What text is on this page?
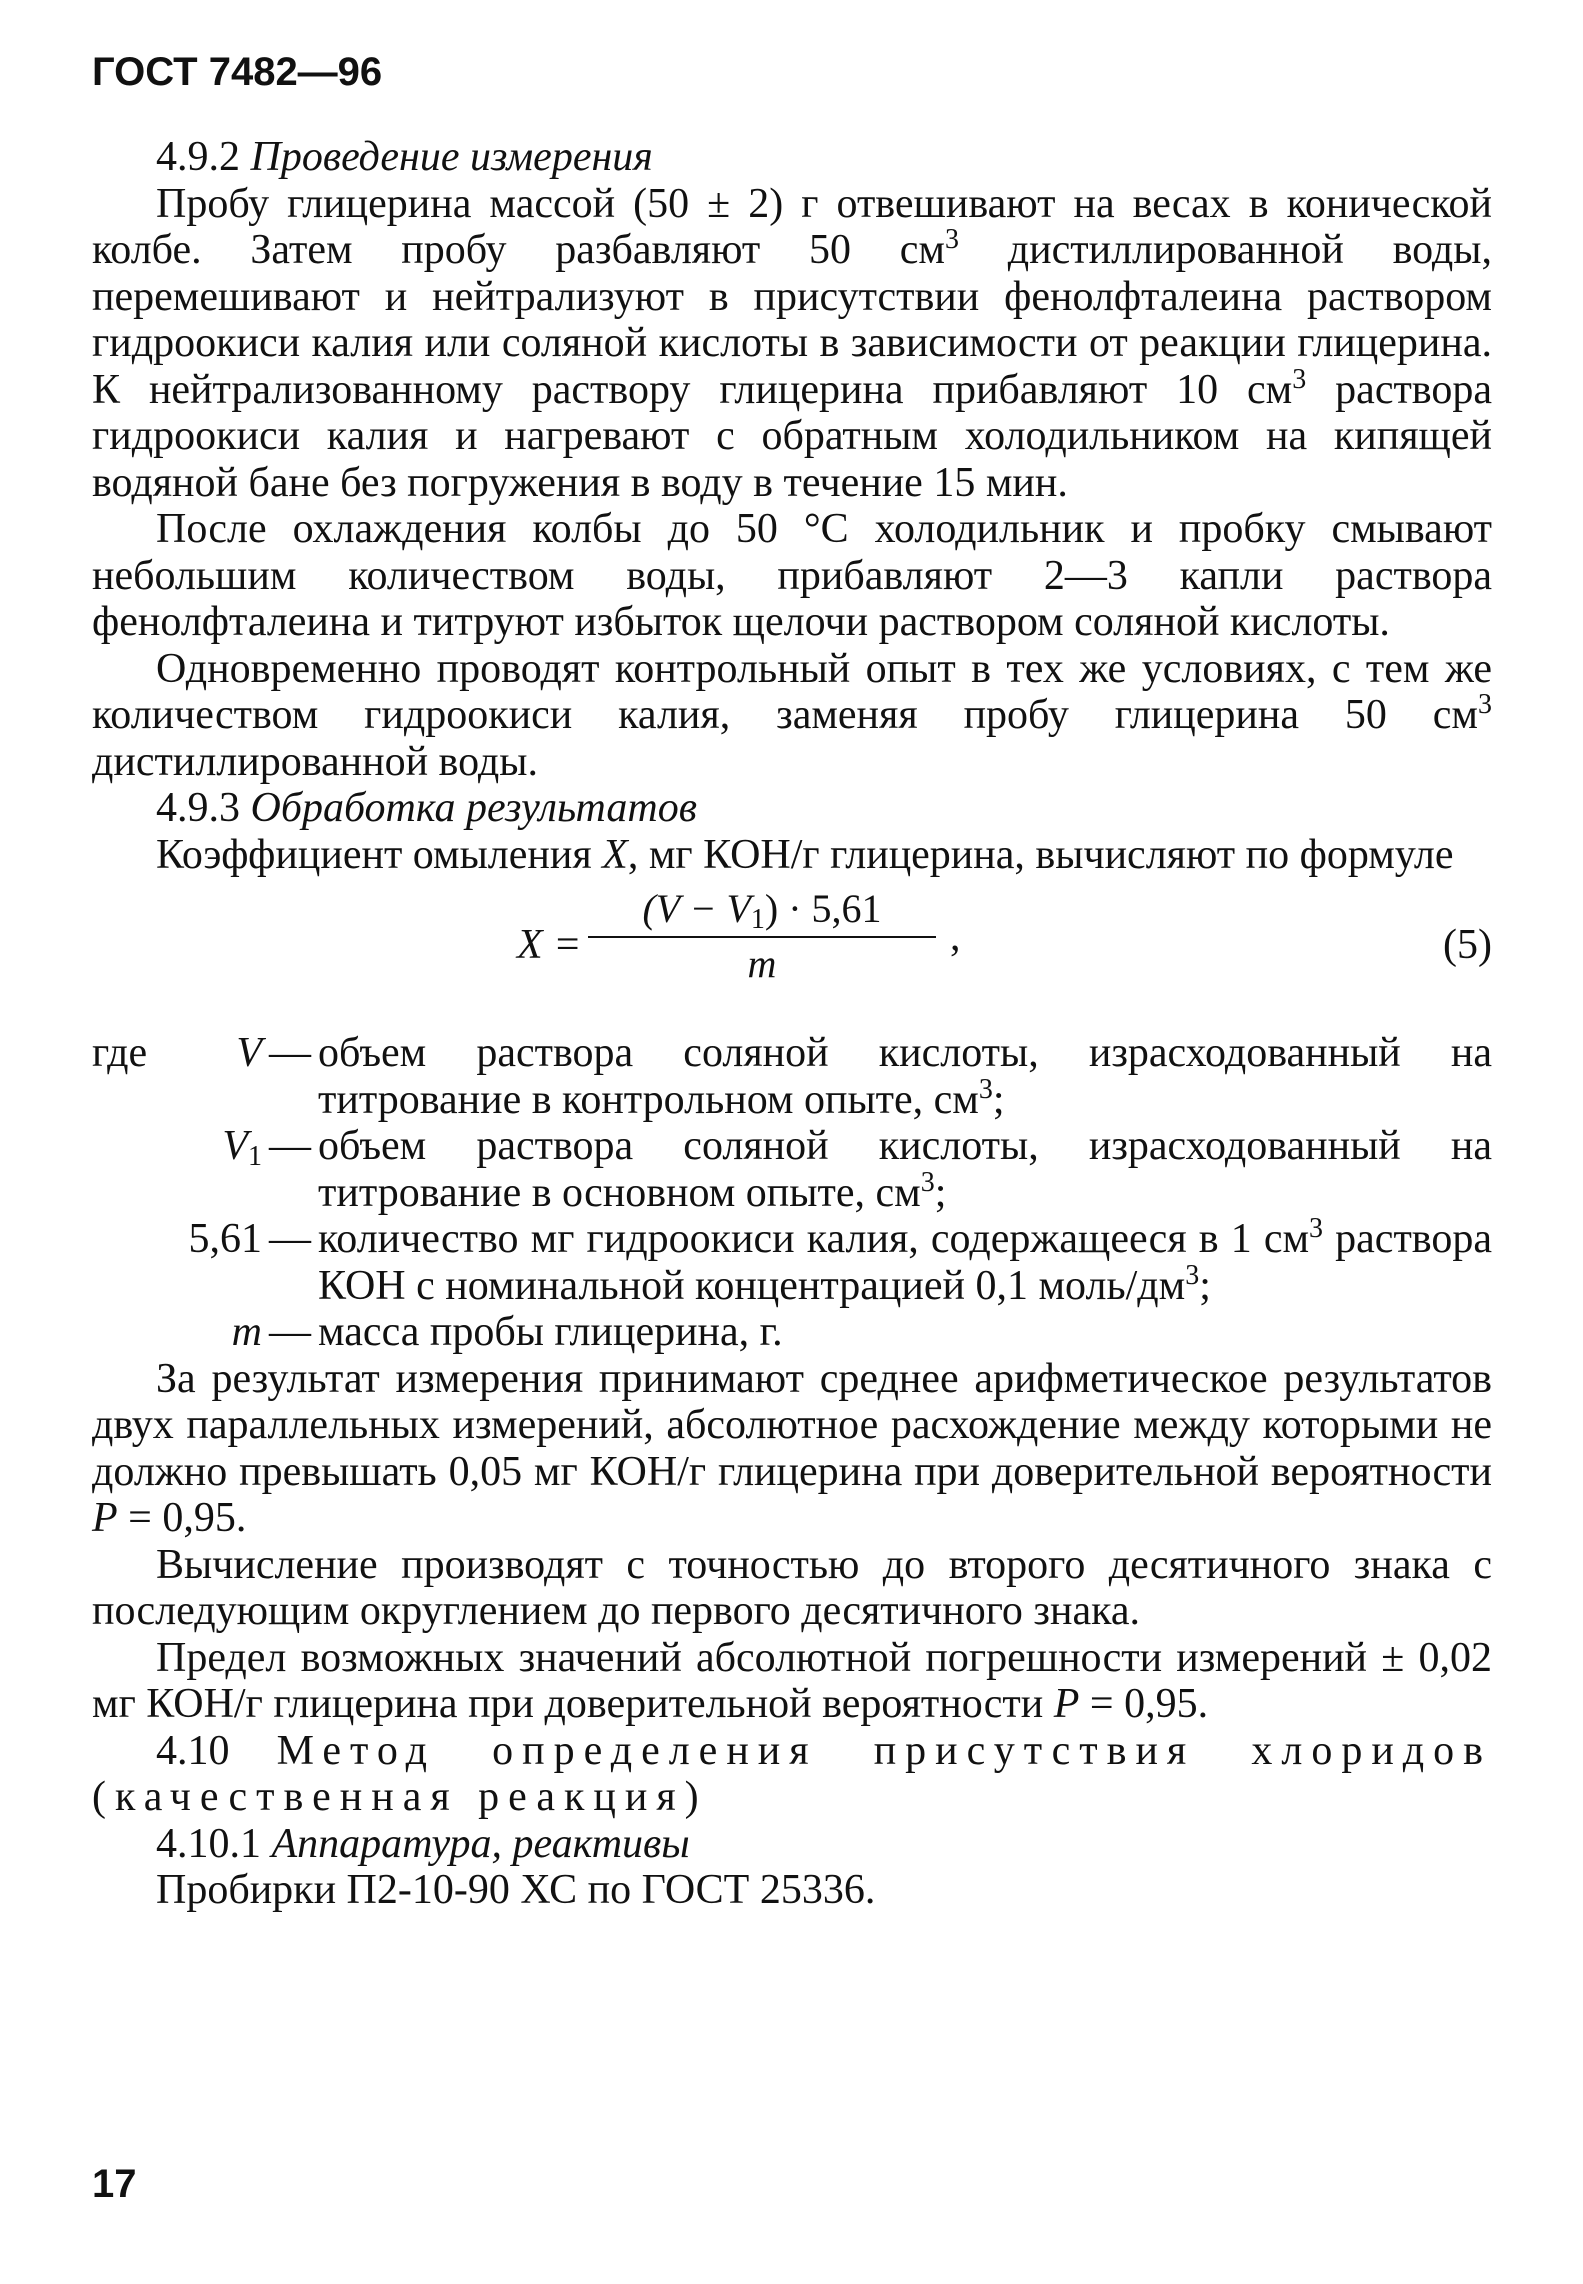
ГОСТ 7482—96

4.9.2 Проведение измерения

Пробу глицерина массой (50 ± 2) г отвешивают на весах в конической колбе. Затем пробу разбавляют 50 $см^3$ дистиллированной воды, перемешивают и нейтрализуют в присутствии фенолфталеина раствором гидроокиси калия или соляной кислоты в зависимости от реакции глицерина. К нейтрализованному раствору глицерина прибавляют 10 $см^3$ раствора гидроокиси калия и нагревают с обратным холодильником на кипящей водяной бане без погружения в воду в течение 15 мин.

После охлаждения колбы до 50 °С холодильник и пробку смывают небольшим количеством воды, прибавляют 2—3 капли раствора фенолфталеина и титруют избыток щелочи раствором соляной кислоты.

Одновременно проводят контрольный опыт в тех же условиях, с тем же количеством гидроокиси калия, заменяя пробу глицерина 50 $см^3$ дистиллированной воды.

4.9.3 Обработка результатов

Коэффициент омыления X, мг КОН/г глицерина, вычисляют по формуле

X =
$(V - V_1) \cdot 5,61$
m
,	(5)
где V — объем раствора соляной кислоты, израсходованный на титрование в контрольном опыте, $см^3$;
$V_1$ — объем раствора соляной кислоты, израсходованный на титрование в основном опыте, $см^3$;
5,61 — количество мг гидроокиси калия, содержащееся в 1 $см^3$ раствора КОН с номинальной концентрацией 0,1 моль/$дм^3$;
m — масса пробы глицерина, г.

За результат измерения принимают среднее арифметическое результатов двух параллельных измерений, абсолютное расхождение между которыми не должно превышать 0,05 мг КОН/г глицерина при доверительной вероятности P = 0,95.

Вычисление производят с точностью до второго десятичного знака с последующим округлением до первого десятичного знака.

Предел возможных значений абсолютной погрешности измерений ± 0,02 мг КОН/г глицерина при доверительной вероятности P = 0,95.

4.10 Метод определения присутствия хлоридов (качественная реакция)

4.10.1 Аппаратура, реактивы

Пробирки П2-10-90 ХС по ГОСТ 25336.

17
